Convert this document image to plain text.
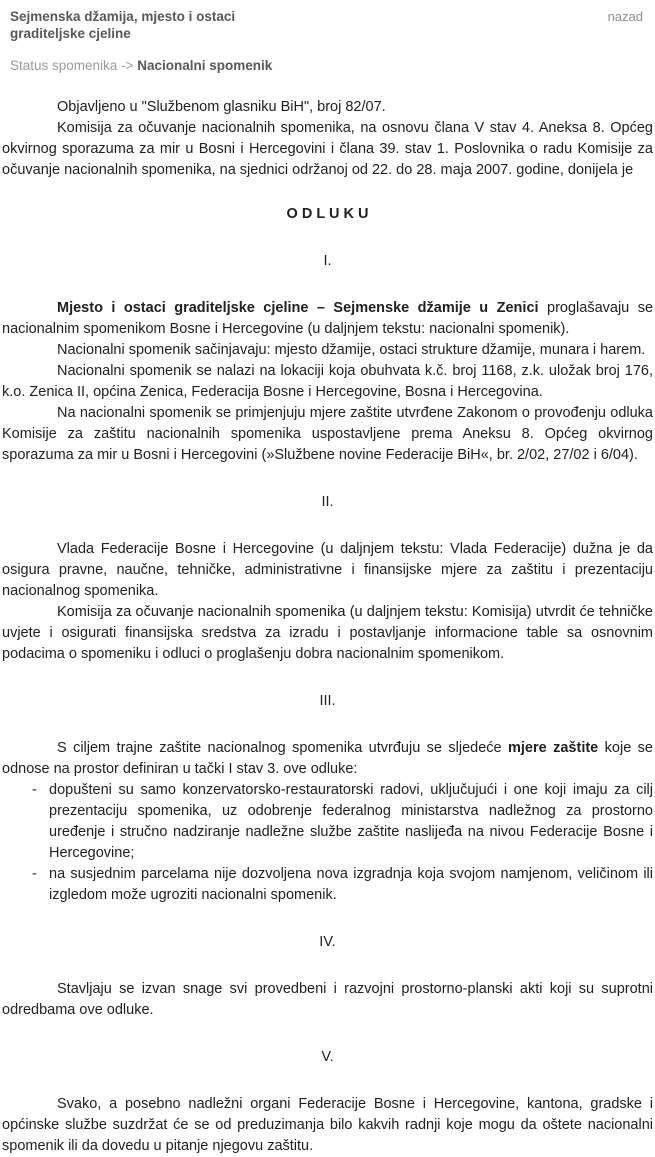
Sejmenska džamija, mjesto i ostaci graditeljske cjeline
nazad
Status spomenika -> Nacionalni spomenik

Objavljeno u "Službenom glasniku BiH", broj 82/07.

Komisija za očuvanje nacionalnih spomenika, na osnovu člana V stav 4. Aneksa 8. Općeg okvirnog sporazuma za mir u Bosni i Hercegovini i člana 39. stav 1. Poslovnika o radu Komisije za očuvanje nacionalnih spomenika, na sjednici održanoj od 22. do 28. maja 2007. godine, donijela je

O D L U K U

I.

Mjesto i ostaci graditeljske cjeline – Sejmenske džamije u Zenici proglašavaju se nacionalnim spomenikom Bosne i Hercegovine (u daljnjem tekstu: nacionalni spomenik).

Nacionalni spomenik sačinjavaju: mjesto džamije, ostaci strukture džamije, munara i harem.

Nacionalni spomenik se nalazi na lokaciji koja obuhvata k.č. broj 1168, z.k. uložak broj 176, k.o. Zenica II, općina Zenica, Federacija Bosne i Hercegovine, Bosna i Hercegovina.

Na nacionalni spomenik se primjenjuju mjere zaštite utvrđene Zakonom o provođenju odluka Komisije za zaštitu nacionalnih spomenika uspostavljene prema Aneksu 8. Općeg okvirnog sporazuma za mir u Bosni i Hercegovini (»Službene novine Federacije BiH«, br. 2/02, 27/02 i 6/04).

II.

Vlada Federacije Bosne i Hercegovine (u daljnjem tekstu: Vlada Federacije) dužna je da osigura pravne, naučne, tehničke, administrativne i finansijske mjere za zaštitu i prezentaciju nacionalnog spomenika.

Komisija za očuvanje nacionalnih spomenika (u daljnjem tekstu: Komisija) utvrdit će tehničke uvjete i osigurati finansijska sredstva za izradu i postavljanje informacione table sa osnovnim podacima o spomeniku i odluci o proglašenju dobra nacionalnim spomenikom.

III.

S ciljem trajne zaštite nacionalnog spomenika utvrđuju se sljedeće mjere zaštite koje se odnose na prostor definiran u tački I stav 3. ove odluke:

- dopušteni su samo konzervatorsko-restauratorski radovi, uključujući i one koji imaju za cilj prezentaciju spomenika, uz odobrenje federalnog ministarstva nadležnog za prostorno uređenje i stručno nadziranje nadležne službe zaštite naslijeđa na nivou Federacije Bosne i Hercegovine;
- na susjednim parcelama nije dozvoljena nova izgradnja koja svojom namjenom, veličinom ili izgledom može ugroziti nacionalni spomenik.

IV.

Stavljaju se izvan snage svi provedbeni i razvojni prostorno-planski akti koji su suprotni odredbama ove odluke.

V.

Svako, a posebno nadležni organi Federacije Bosne i Hercegovine, kantona, gradske i općinske službe suzdržat će se od preduzimanja bilo kakvih radnji koje mogu da oštete nacionalni spomenik ili da dovedu u pitanje njegovu zaštitu.
